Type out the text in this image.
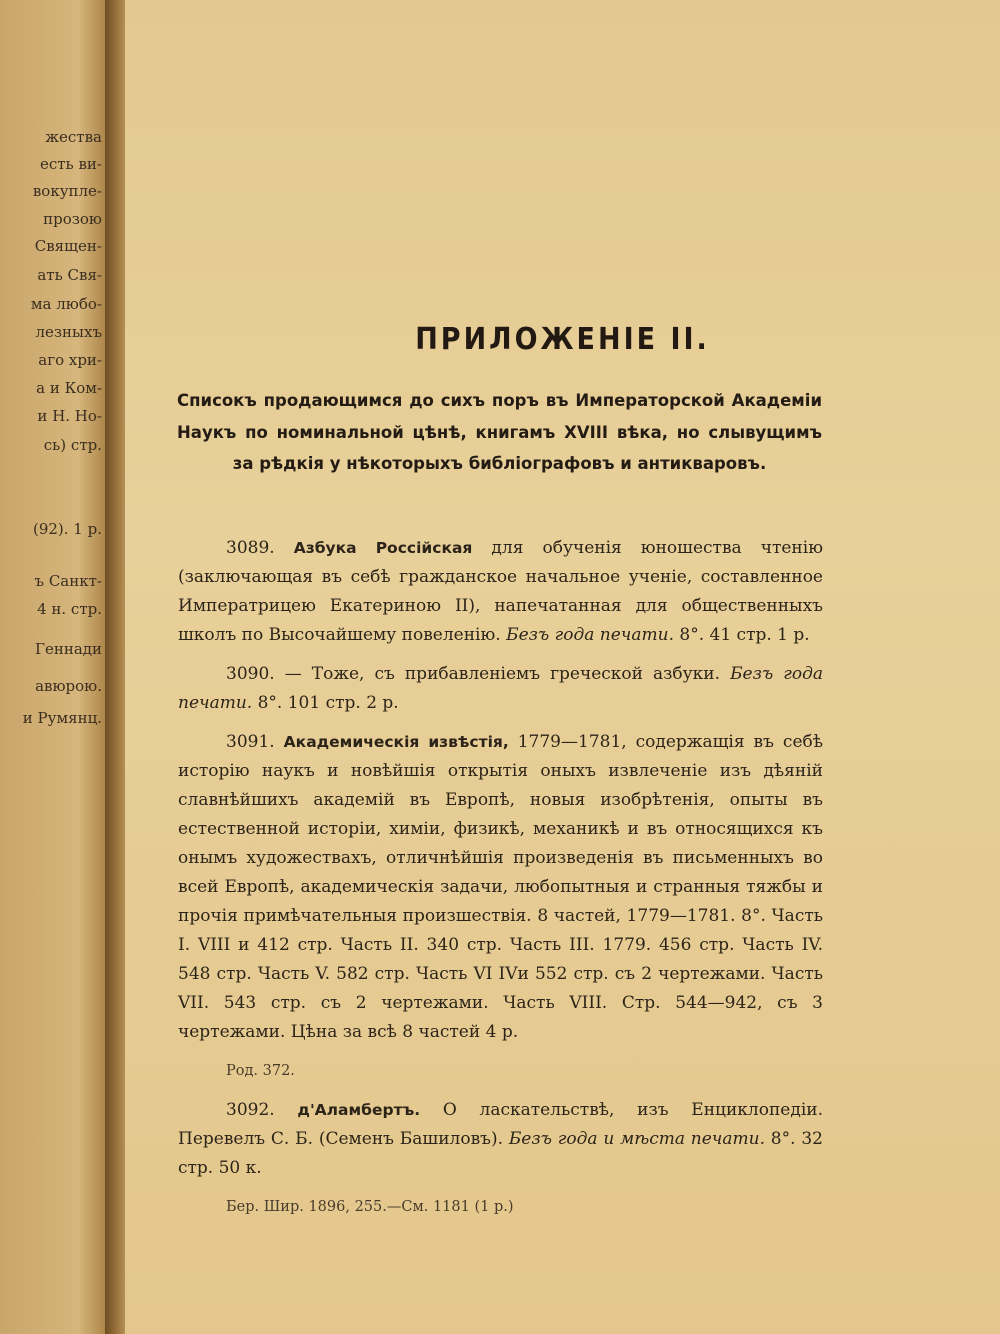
жества
есть ви-
вокупле-
прозою
Священ-
ать Свя-
ма любо-
лезныхъ
аго хри-
а и Ком-
и Н. Но-
сь) стр.
(92). 1 р.
ъ Санкт-
4 н. стр.
Геннади
авюрою.
и Румянц.
ПРИЛОЖЕНIЕ II.

Списокъ продающимся до сихъ поръ въ Императорской Академiи Наукъ по номинальной цѣнѣ, книгамъ XVIII вѣка, но слывущимъ за рѣдкiя у нѣкоторыхъ библiографовъ и антикваровъ.

3089. Азбука Россiйская для обученiя юношества чтенiю (заключающая въ себѣ гражданское начальное ученiе, составленное Императрицею Екатериною II), напечатанная для общественныхъ школъ по Высочайшему повеленiю. Безъ года печати. 8°. 41 стр. 1 р.

3090. — Тоже, съ прибавленiемъ греческой азбуки. Безъ года печати. 8°. 101 стр. 2 р.

3091. Академическiя извѣстiя, 1779—1781, содержащiя въ себѣ исторiю наукъ и новѣйшiя открытiя оныхъ извлеченiе изъ дѣянiй славнѣйшихъ академiй въ Европѣ, новыя изобрѣтенiя, опыты въ естественной исторiи, химiи, физикѣ, механикѣ и въ относящихся къ онымъ художествахъ, отличнѣйшiя произведенiя въ письменныхъ во всей Европѣ, академическiя задачи, любопытныя и странныя тяжбы и прочiя примѣчательныя произшествiя. 8 частей, 1779—1781. 8°. Часть I. VIII и 412 стр. Часть II. 340 стр. Часть III. 1779. 456 стр. Часть IV. 548 стр. Часть V. 582 стр. Часть VI IVи 552 стр. съ 2 чертежами. Часть VII. 543 стр. съ 2 чертежами. Часть VIII. Стр. 544—942, съ 3 чертежами. Цѣна за всѣ 8 частей 4 р.

Род. 372.

3092. д'Аламбертъ. О ласкательствѣ, изъ Енциклопедiи. Перевелъ С. Б. (Семенъ Башиловъ). Безъ года и мѣста печати. 8°. 32 стр. 50 к.

Бер. Шир. 1896, 255.—См. 1181 (1 р.)
